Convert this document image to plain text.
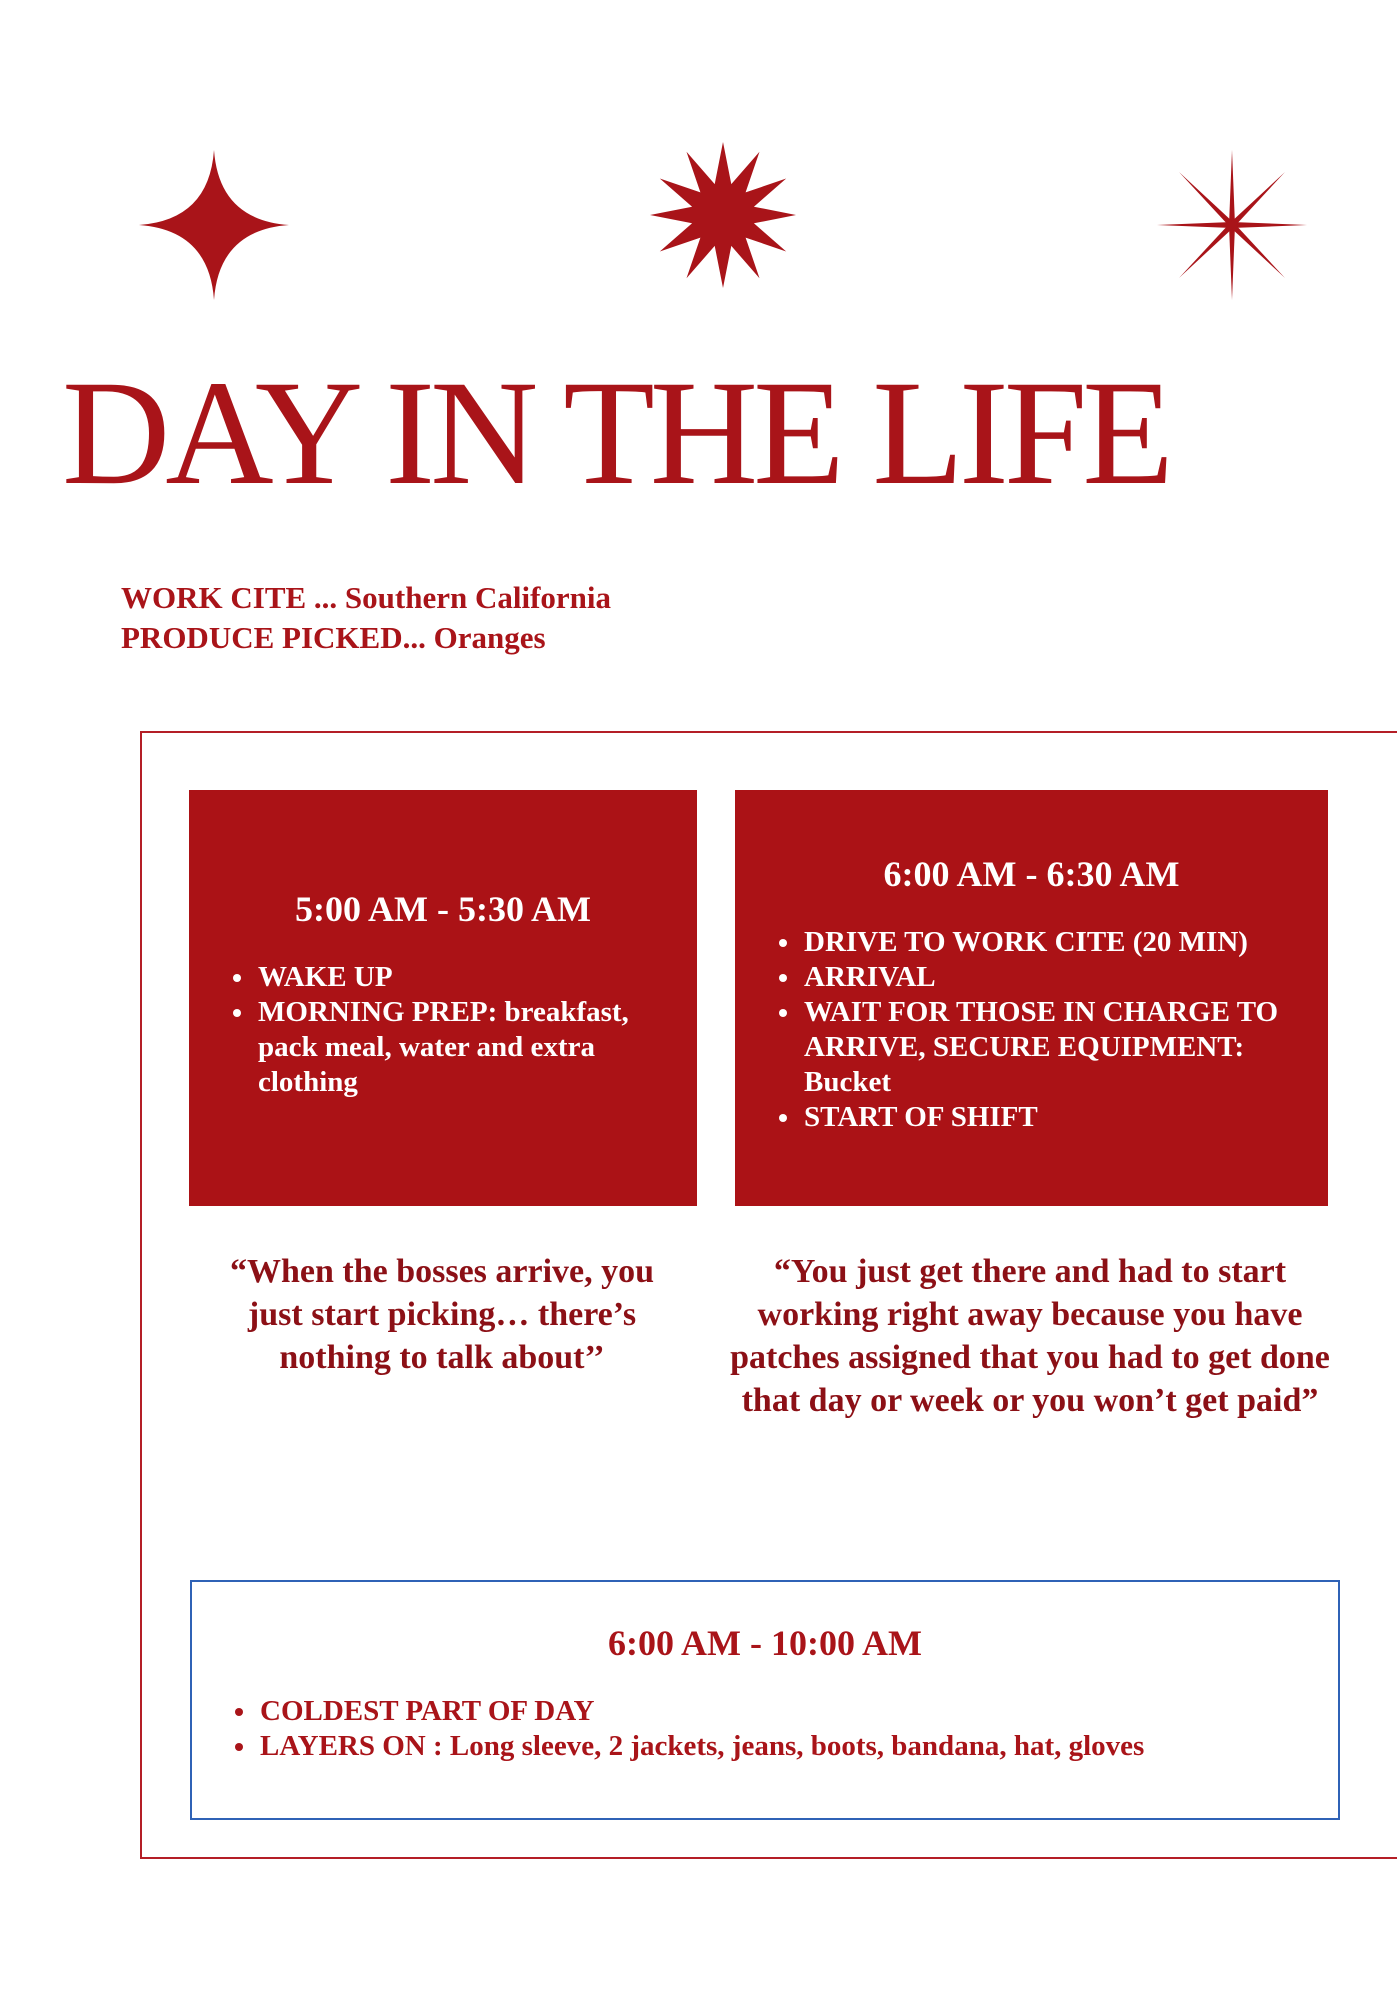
DAY IN THE LIFE
WORK CITE ... Southern California
PRODUCE PICKED... Oranges
5:00 AM - 5:30 AM
• WAKE UP
• MORNING PREP: breakfast, pack meal, water and extra clothing
6:00 AM - 6:30 AM
• DRIVE TO WORK CITE (20 MIN)
• ARRIVAL
• WAIT FOR THOSE IN CHARGE TO ARRIVE, SECURE EQUIPMENT: Bucket
• START OF SHIFT
“When the bosses arrive, you just start picking… there’s nothing to talk about’’
“You just get there and had to start working right away because you have patches assigned that you had to get done that day or week or you won’t get paid”
6:00 AM - 10:00 AM
• COLDEST PART OF DAY
• LAYERS ON : Long sleeve, 2 jackets, jeans, boots, bandana, hat, gloves
